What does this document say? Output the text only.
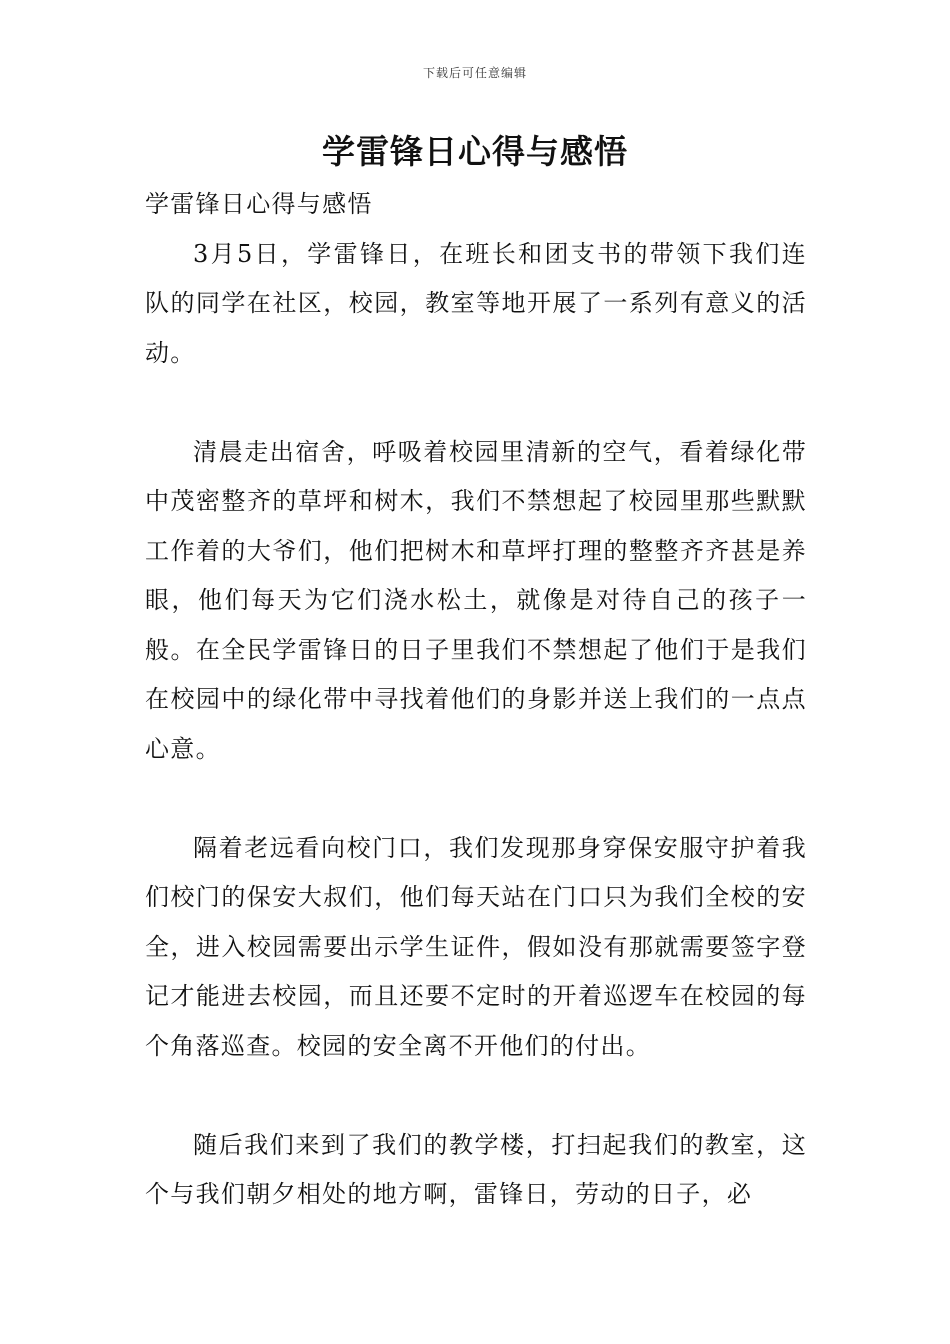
下载后可任意编辑
学雷锋日心得与感悟

学雷锋日心得与感悟

3月5日，学雷锋日，在班长和团支书的带领下我们连队的同学在社区，校园，教室等地开展了一系列有意义的活动。

清晨走出宿舍，呼吸着校园里清新的空气，看着绿化带中茂密整齐的草坪和树木，我们不禁想起了校园里那些默默工作着的大爷们，他们把树木和草坪打理的整整齐齐甚是养眼，他们每天为它们浇水松土，就像是对待自己的孩子一般。在全民学雷锋日的日子里我们不禁想起了他们于是我们在校园中的绿化带中寻找着他们的身影并送上我们的一点点心意。

隔着老远看向校门口，我们发现那身穿保安服守护着我们校门的保安大叔们，他们每天站在门口只为我们全校的安全，进入校园需要出示学生证件，假如没有那就需要签字登记才能进去校园，而且还要不定时的开着巡逻车在校园的每个角落巡查。校园的安全离不开他们的付出。

随后我们来到了我们的教学楼，打扫起我们的教室，这个与我们朝夕相处的地方啊，雷锋日，劳动的日子，必
